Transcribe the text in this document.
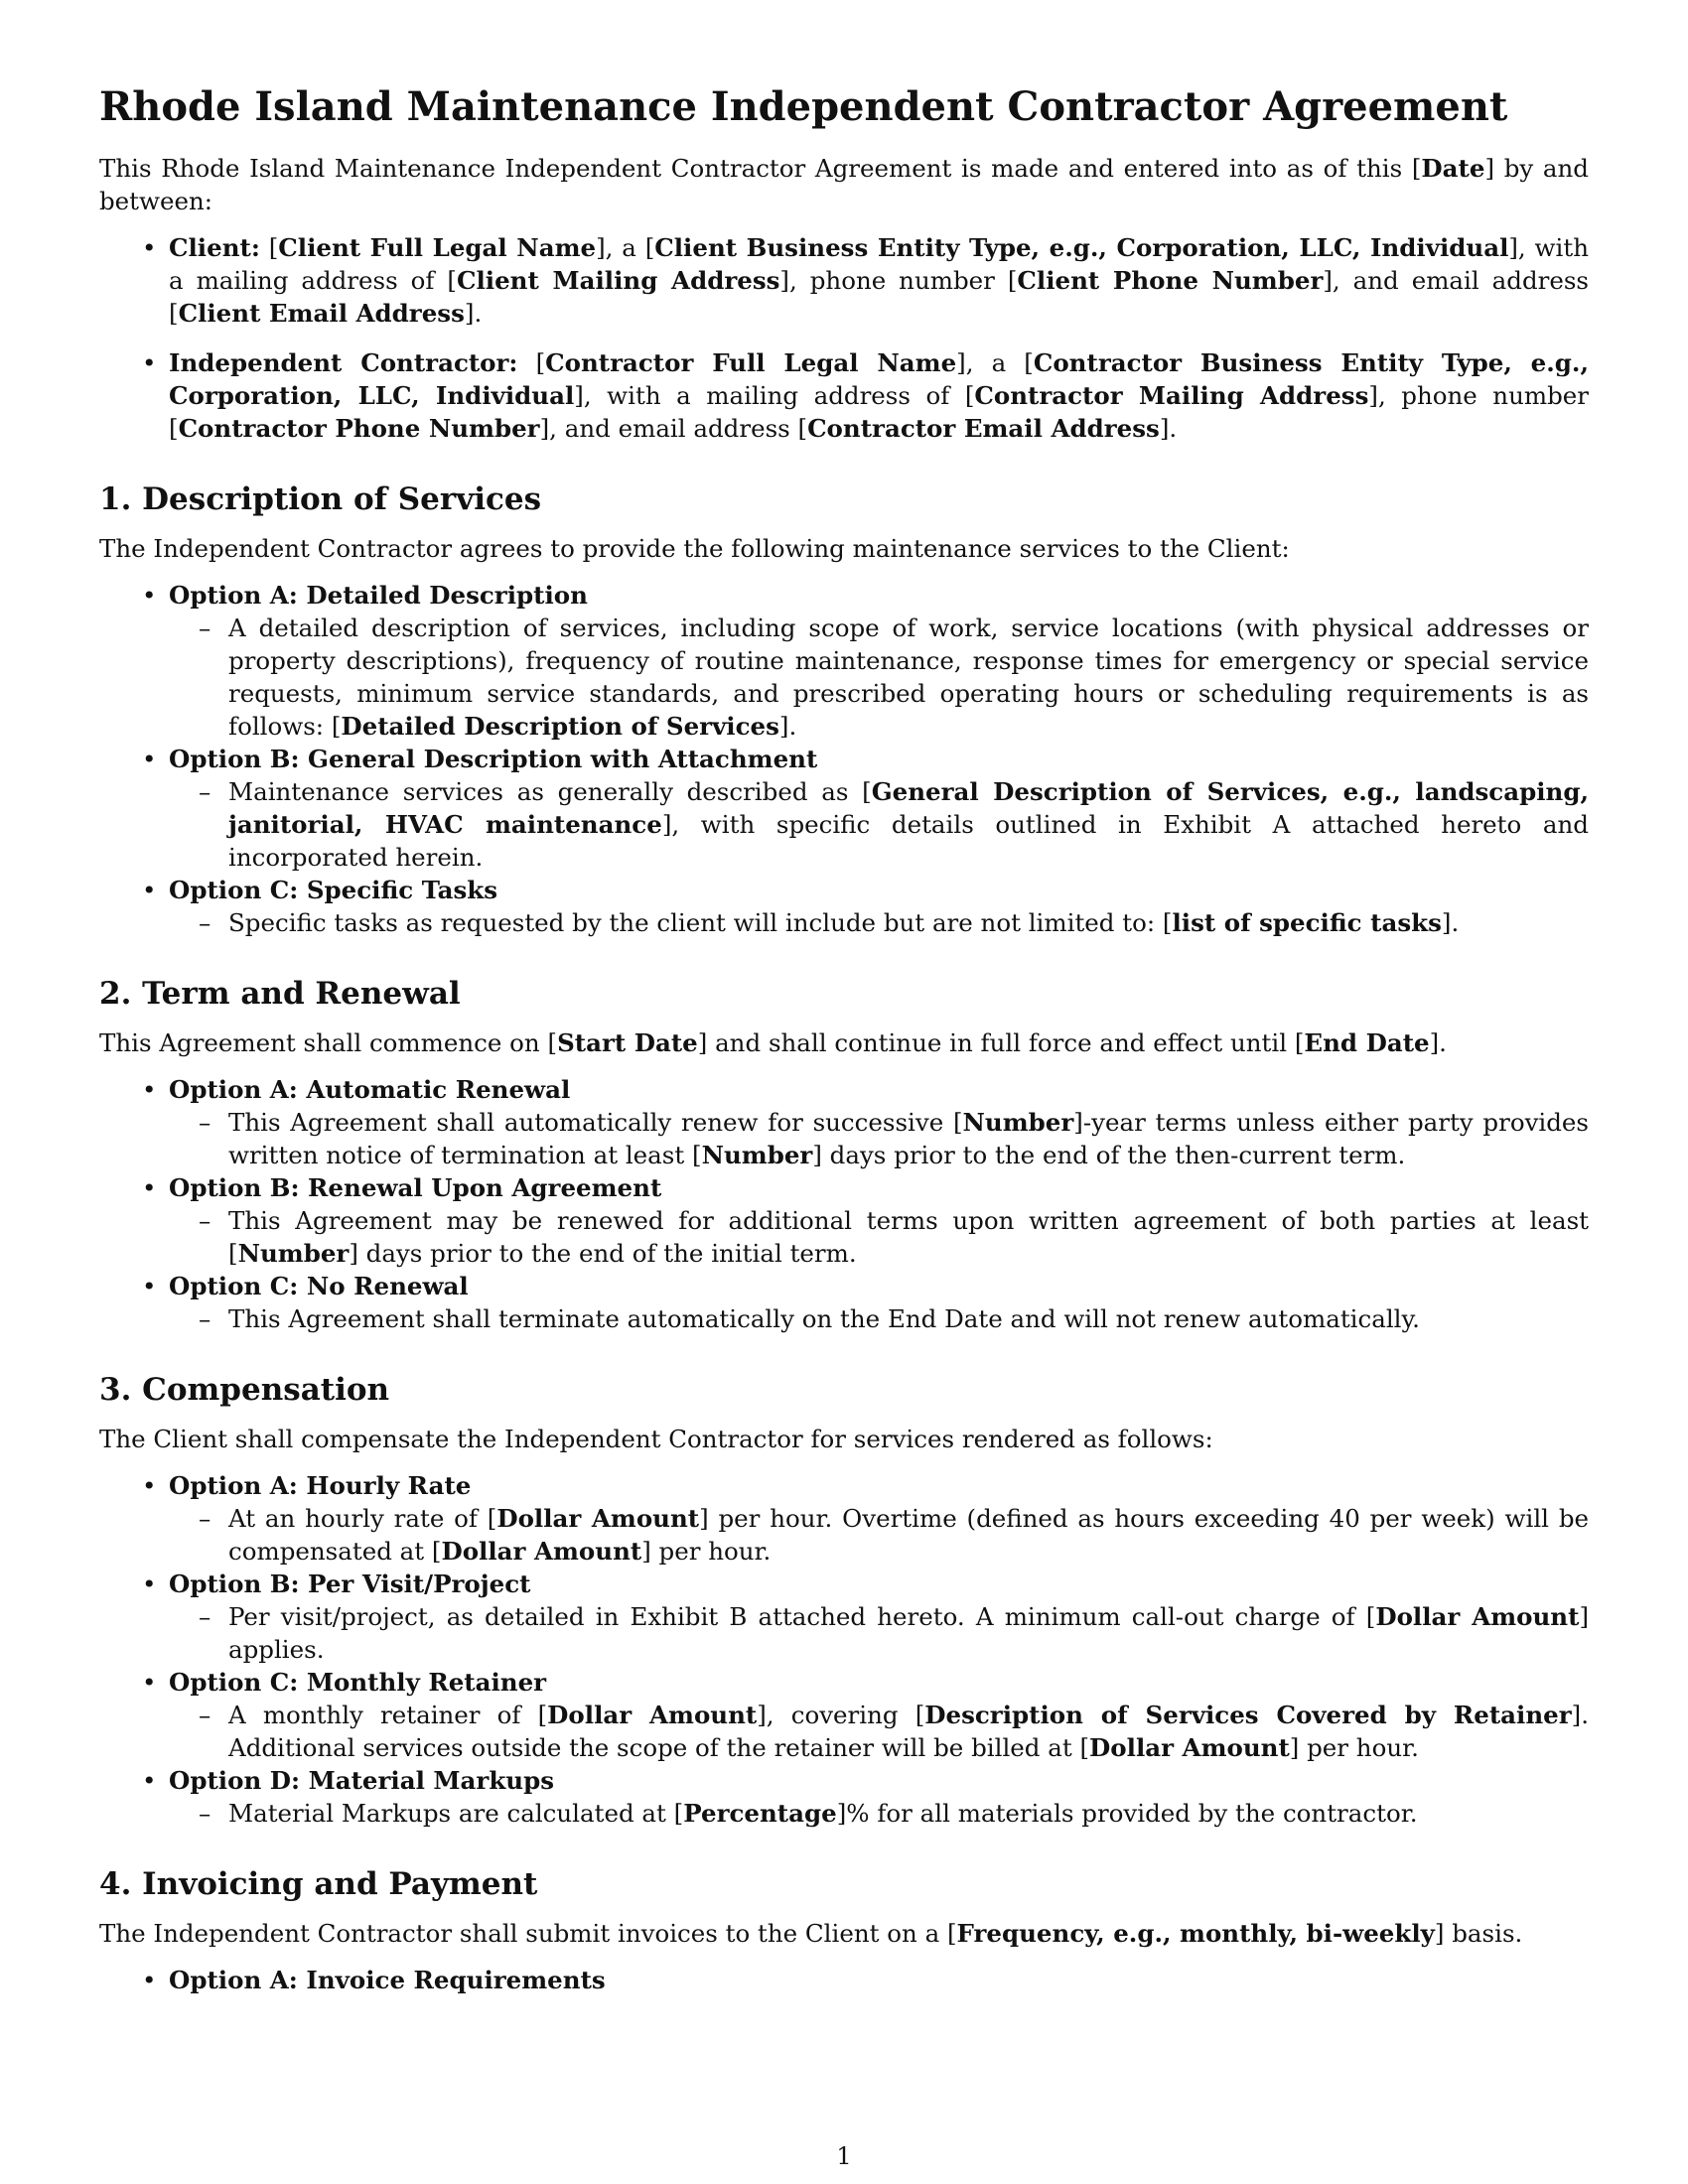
Rhode Island Maintenance Independent Contractor Agreement

This Rhode Island Maintenance Independent Contractor Agreement is made and entered into as of this [Date] by and between:

• Client: [Client Full Legal Name], a [Client Business Entity Type, e.g., Corporation, LLC, Individual], with a mailing address of [Client Mailing Address], phone number [Client Phone Number], and email address [Client Email Address].
• Independent Contractor: [Contractor Full Legal Name], a [Contractor Business Entity Type, e.g., Corporation, LLC, Individual], with a mailing address of [Contractor Mailing Address], phone number [Contractor Phone Number], and email address [Contractor Email Address].
1. Description of Services

The Independent Contractor agrees to provide the following maintenance services to the Client:

• Option A: Detailed Description
– A detailed description of services, including scope of work, service locations (with physical addresses or property descriptions), frequency of routine maintenance, response times for emergency or special service requests, minimum service standards, and prescribed operating hours or scheduling requirements is as follows: [Detailed Description of Services].
• Option B: General Description with Attachment
– Maintenance services as generally described as [General Description of Services, e.g., landscaping, janitorial, HVAC maintenance], with specific details outlined in Exhibit A attached hereto and incorporated herein.
• Option C: Specific Tasks
– Specific tasks as requested by the client will include but are not limited to: [list of specific tasks].
2. Term and Renewal

This Agreement shall commence on [Start Date] and shall continue in full force and effect until [End Date].

• Option A: Automatic Renewal
– This Agreement shall automatically renew for successive [Number]-year terms unless either party provides written notice of termination at least [Number] days prior to the end of the then-current term.
• Option B: Renewal Upon Agreement
– This Agreement may be renewed for additional terms upon written agreement of both parties at least [Number] days prior to the end of the initial term.
• Option C: No Renewal
– This Agreement shall terminate automatically on the End Date and will not renew automatically.
3. Compensation

The Client shall compensate the Independent Contractor for services rendered as follows:

• Option A: Hourly Rate
– At an hourly rate of [Dollar Amount] per hour. Overtime (defined as hours exceeding 40 per week) will be compensated at [Dollar Amount] per hour.
• Option B: Per Visit/Project
– Per visit/project, as detailed in Exhibit B attached hereto. A minimum call-out charge of [Dollar Amount] applies.
• Option C: Monthly Retainer
– A monthly retainer of [Dollar Amount], covering [Description of Services Covered by Retainer]. Additional services outside the scope of the retainer will be billed at [Dollar Amount] per hour.
• Option D: Material Markups
– Material Markups are calculated at [Percentage]% for all materials provided by the contractor.
4. Invoicing and Payment

The Independent Contractor shall submit invoices to the Client on a [Frequency, e.g., monthly, bi-weekly] basis.

• Option A: Invoice Requirements
1
